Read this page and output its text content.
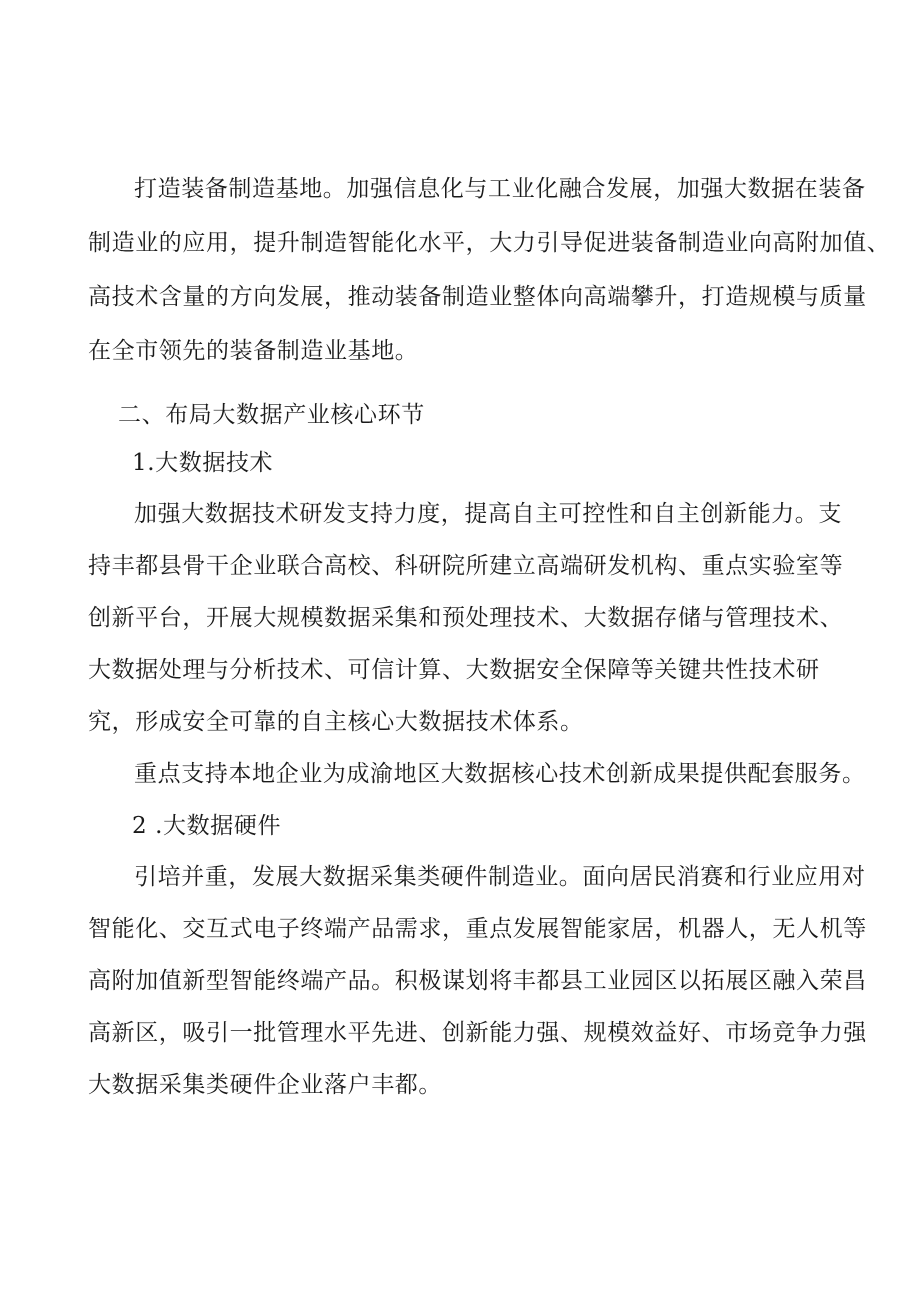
打造装备制造基地。加强信息化与工业化融合发展，加强大数据在装备
制造业的应用，提升制造智能化水平，大力引导促进装备制造业向高附加值、
高技术含量的方向发展，推动装备制造业整体向高端攀升，打造规模与质量
在全市领先的装备制造业基地。
二、布局大数据产业核心环节
1.大数据技术
加强大数据技术研发支持力度，提高自主可控性和自主创新能力。支
持丰都县骨干企业联合高校、科研院所建立高端研发机构、重点实验室等
创新平台，开展大规模数据采集和预处理技术、大数据存储与管理技术、
大数据处理与分析技术、可信计算、大数据安全保障等关键共性技术研
究，形成安全可靠的自主核心大数据技术体系。
重点支持本地企业为成渝地区大数据核心技术创新成果提供配套服务。
2 .大数据硬件
引培并重，发展大数据采集类硬件制造业。面向居民消赛和行业应用对
智能化、交互式电子终端产品需求，重点发展智能家居，机器人，无人机等
高附加值新型智能终端产品。积极谋划将丰都县工业园区以拓展区融入荣昌
高新区，吸引一批管理水平先进、创新能力强、规模效益好、市场竞争力强
大数据采集类硬件企业落户丰都。
